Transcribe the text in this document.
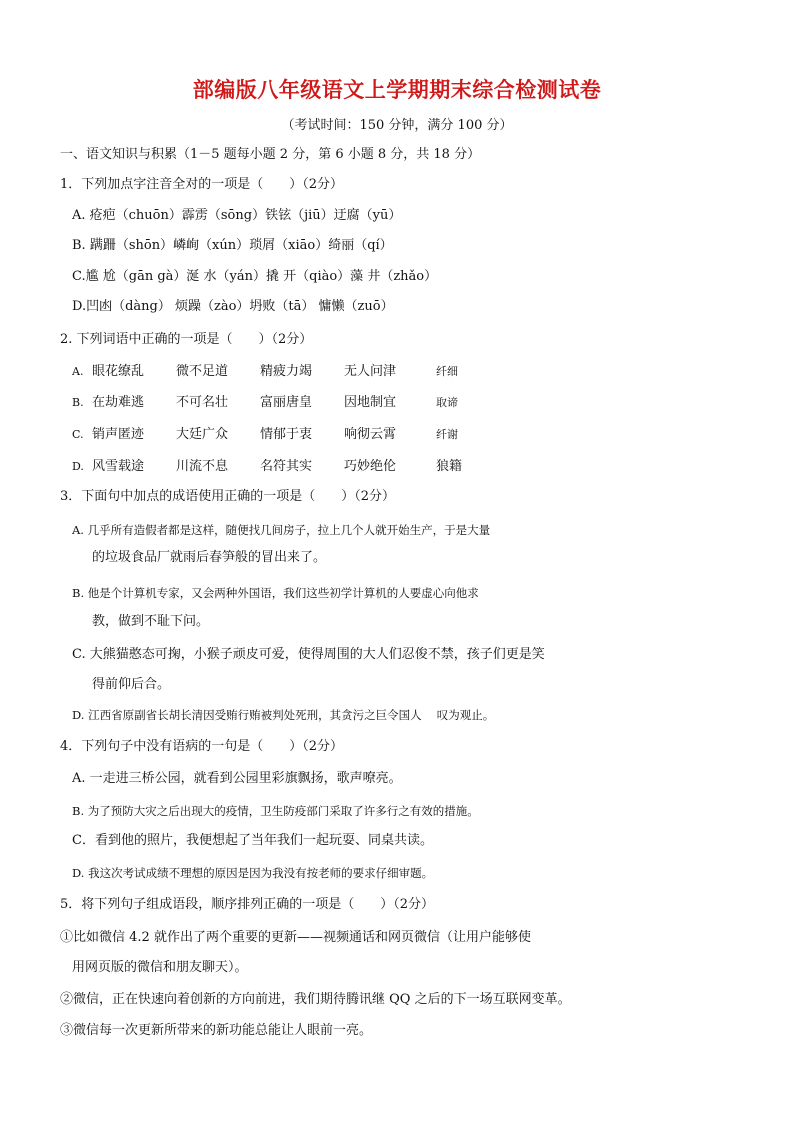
部编版八年级语文上学期期末综合检测试卷
（考试时间：150 分钟，满分 100 分）
一、语文知识与积累（1－5 题每小题 2 分，第 6 小题 8 分，共 18 分）
1．下列加点字注音全对的一项是（　　）（2分）
A. 疮疤（chuōn）霹雳（sōng）铁铉（jiū）迂腐（yū）
B. 蹒跚（shōn）嶙峋（xún）琐屑（xiāo）绮丽（qí）
C.尴 尬（gān gà）涎 水（yán）撬 开（qiào）藻 井（zhǎo）
D.凹凼（dàng） 烦躁（zào）坍败（tā） 慵懒（zuō）
2. 下列词语中正确的一项是（　　）（2分）
A. 眼花缭乱 微不足道 精疲力竭 无人问津	纤细
B. 在劫难逃 不可名壮 富丽唐皇 因地制宜	取谛
C. 销声匿迹 大廷广众 情郁于衷 响彻云霄	纤谢
D. 风雪载途 川流不息 名符其实 巧妙绝伦	狼籍
3．下面句中加点的成语使用正确的一项是（　　）（2分）
A. 几乎所有造假者都是这样，随便找几间房子，拉上几个人就开始生产，于是大量
的垃圾食品厂就雨后春笋般的冒出来了。
B. 他是个计算机专家，又会两种外国语，我们这些初学计算机的人要虚心向他求
教，做到不耻下问。
C. 大熊猫憨态可掬，小猴子顽皮可爱，使得周围的大人们忍俊不禁，孩子们更是笑
得前仰后合。
D. 江西省原副省长胡长清因受贿行贿被判处死刑，其贪污之巨令国人　 叹为观止。
4．下列句子中没有语病的一句是（　　）（2分）
A. 一走进三桥公园，就看到公园里彩旗飘扬，歌声嘹亮。
B. 为了预防大灾之后出现大的疫情，卫生防疫部门采取了许多行之有效的措施。
C．看到他的照片，我便想起了当年我们一起玩耍、同桌共读。
D. 我这次考试成绩不理想的原因是因为我没有按老师的要求仔细审题。
5．将下列句子组成语段，顺序排列正确的一项是（　　）（2分）
①比如微信 4.2 就作出了两个重要的更新——视频通话和网页微信（让用户能够使
用网页版的微信和朋友聊天）。
②微信，正在快速向着创新的方向前进，我们期待腾讯继 QQ 之后的下一场互联网变革。
③微信每一次更新所带来的新功能总能让人眼前一亮。
